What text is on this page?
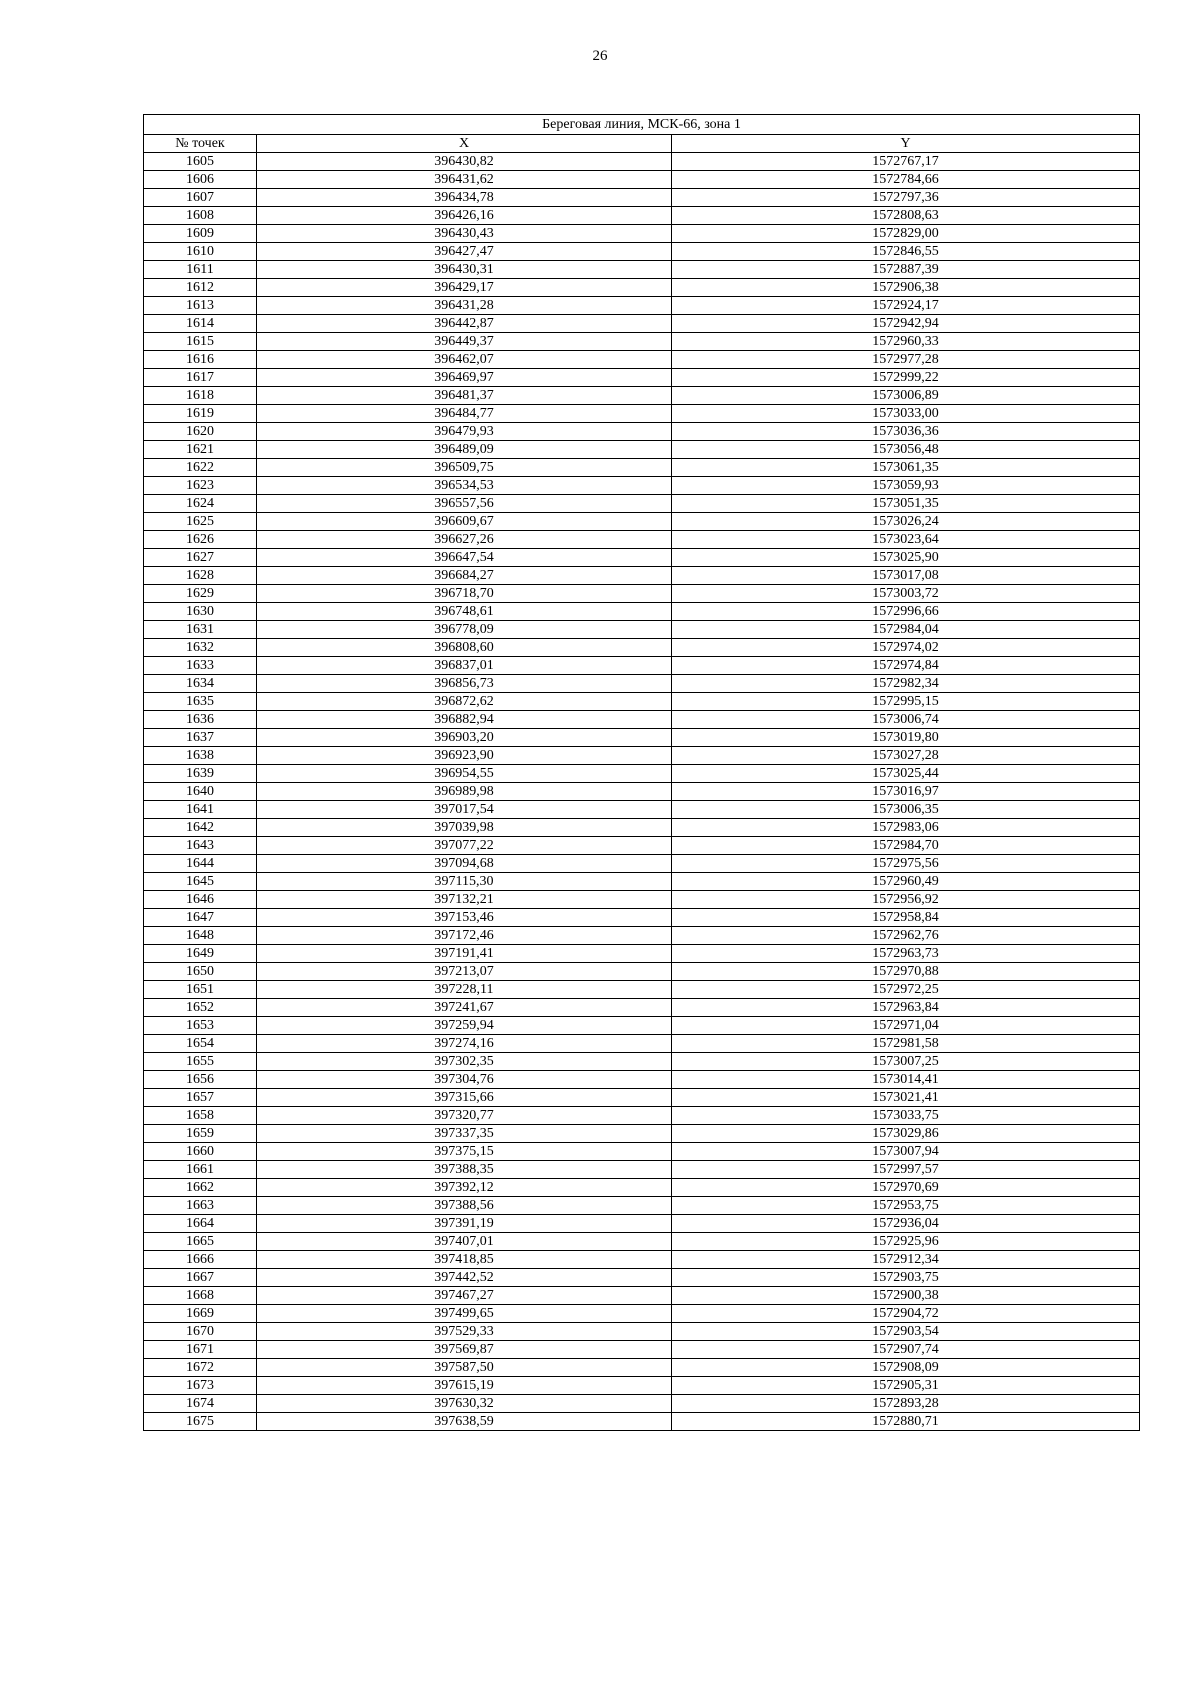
26
Береговая линия, МСК-66, зона 1		
№ точек	X	Y
1605	396430,82	1572767,17
1606	396431,62	1572784,66
1607	396434,78	1572797,36
1608	396426,16	1572808,63
1609	396430,43	1572829,00
1610	396427,47	1572846,55
1611	396430,31	1572887,39
1612	396429,17	1572906,38
1613	396431,28	1572924,17
1614	396442,87	1572942,94
1615	396449,37	1572960,33
1616	396462,07	1572977,28
1617	396469,97	1572999,22
1618	396481,37	1573006,89
1619	396484,77	1573033,00
1620	396479,93	1573036,36
1621	396489,09	1573056,48
1622	396509,75	1573061,35
1623	396534,53	1573059,93
1624	396557,56	1573051,35
1625	396609,67	1573026,24
1626	396627,26	1573023,64
1627	396647,54	1573025,90
1628	396684,27	1573017,08
1629	396718,70	1573003,72
1630	396748,61	1572996,66
1631	396778,09	1572984,04
1632	396808,60	1572974,02
1633	396837,01	1572974,84
1634	396856,73	1572982,34
1635	396872,62	1572995,15
1636	396882,94	1573006,74
1637	396903,20	1573019,80
1638	396923,90	1573027,28
1639	396954,55	1573025,44
1640	396989,98	1573016,97
1641	397017,54	1573006,35
1642	397039,98	1572983,06
1643	397077,22	1572984,70
1644	397094,68	1572975,56
1645	397115,30	1572960,49
1646	397132,21	1572956,92
1647	397153,46	1572958,84
1648	397172,46	1572962,76
1649	397191,41	1572963,73
1650	397213,07	1572970,88
1651	397228,11	1572972,25
1652	397241,67	1572963,84
1653	397259,94	1572971,04
1654	397274,16	1572981,58
1655	397302,35	1573007,25
1656	397304,76	1573014,41
1657	397315,66	1573021,41
1658	397320,77	1573033,75
1659	397337,35	1573029,86
1660	397375,15	1573007,94
1661	397388,35	1572997,57
1662	397392,12	1572970,69
1663	397388,56	1572953,75
1664	397391,19	1572936,04
1665	397407,01	1572925,96
1666	397418,85	1572912,34
1667	397442,52	1572903,75
1668	397467,27	1572900,38
1669	397499,65	1572904,72
1670	397529,33	1572903,54
1671	397569,87	1572907,74
1672	397587,50	1572908,09
1673	397615,19	1572905,31
1674	397630,32	1572893,28
1675	397638,59	1572880,71
